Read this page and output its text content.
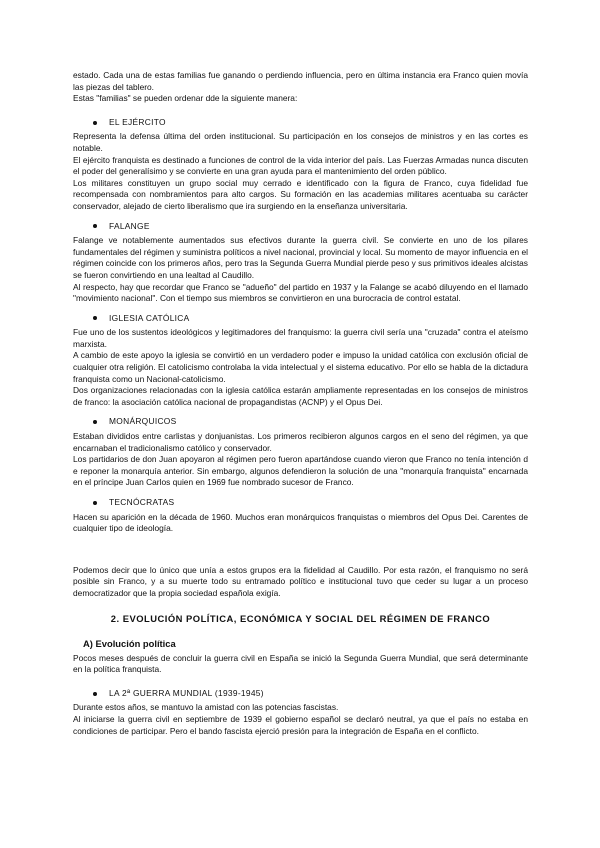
estado. Cada una de estas familias fue ganando o perdiendo influencia, pero en última instancia era Franco quien movía las piezas del tablero.

Estas "familias" se pueden ordenar dde la siguiente manera:

EL EJÉRCITO

Representa la defensa última del orden institucional. Su participación en los consejos de ministros y en las cortes es notable.

El ejército franquista es destinado a funciones de control de la vida interior del país. Las Fuerzas Armadas nunca discuten el poder del generalísimo y se convierte en una gran ayuda para el mantenimiento del orden público.

Los militares constituyen un grupo social muy cerrado e identificado con la figura de Franco, cuya fidelidad fue recompensada con nombramientos para alto cargos. Su formación en las academias militares acentuaba su carácter conservador, alejado de cierto liberalismo que ira surgiendo en la enseñanza universitaria.

FALANGE

Falange ve notablemente aumentados sus efectivos durante la guerra civil. Se convierte en uno de los pilares fundamentales del régimen y suministra políticos a nivel nacional, provincial y local. Su momento de mayor influencia en el régimen coincide con los primeros años, pero tras la Segunda Guerra Mundial pierde peso y sus primitivos ideales alcistas se fueron convirtiendo en una lealtad al Caudillo.

Al respecto, hay que recordar que Franco se "adueño" del partido en 1937 y la Falange se acabó diluyendo en el llamado "movimiento nacional". Con el tiempo sus miembros se convirtieron en una burocracia de control estatal.

IGLESIA CATÓLICA

Fue uno de los sustentos ideológicos y legitimadores del franquismo: la guerra civil sería una "cruzada" contra el ateísmo marxista.

A cambio de este apoyo la iglesia se convirtió en un verdadero poder e impuso la unidad católica con exclusión oficial de cualquier otra religión. El catolicismo controlaba la vida intelectual y el sistema educativo. Por ello se habla de la dictadura franquista como un Nacional-catolicismo.

Dos organizaciones relacionadas con la iglesia católica estarán ampliamente representadas en los consejos de ministros de franco: la asociación católica nacional de propagandistas (ACNP) y el Opus Dei.

MONÁRQUICOS

Estaban divididos entre carlistas y donjuanistas. Los primeros recibieron algunos cargos en el seno del régimen, ya que encarnaban el tradicionalismo católico y conservador.

Los partidarios de don Juan apoyaron al régimen pero fueron apartándose cuando vieron que Franco no tenía intención d e reponer la monarquía anterior. Sin embargo, algunos defendieron la solución de una "monarquía franquista" encarnada en el príncipe Juan Carlos quien en 1969 fue nombrado sucesor de Franco.

TECNÓCRATAS

Hacen su aparición en la década de 1960. Muchos eran monárquicos franquistas o miembros del Opus Dei. Carentes de cualquier tipo de ideología.

Podemos decir que lo único que unía a estos grupos era la fidelidad al Caudillo. Por esta razón, el franquismo no será posible sin Franco, y a su muerte todo su entramado político e institucional tuvo que ceder su lugar a un proceso democratizador que la propia sociedad española exigía.

2. EVOLUCIÓN POLÍTICA, ECONÓMICA Y SOCIAL DEL RÉGIMEN DE FRANCO
A) Evolución política

Pocos meses después de concluir la guerra civil en España se inició la Segunda Guerra Mundial, que será determinante en la política franquista.

LA 2ª GUERRA MUNDIAL (1939-1945)

Durante estos años, se mantuvo la amistad con las potencias fascistas.

Al iniciarse la guerra civil en septiembre de 1939 el gobierno español se declaró neutral, ya que el país no estaba en condiciones de participar. Pero el bando fascista ejerció presión para la integración de España en el conflicto.
